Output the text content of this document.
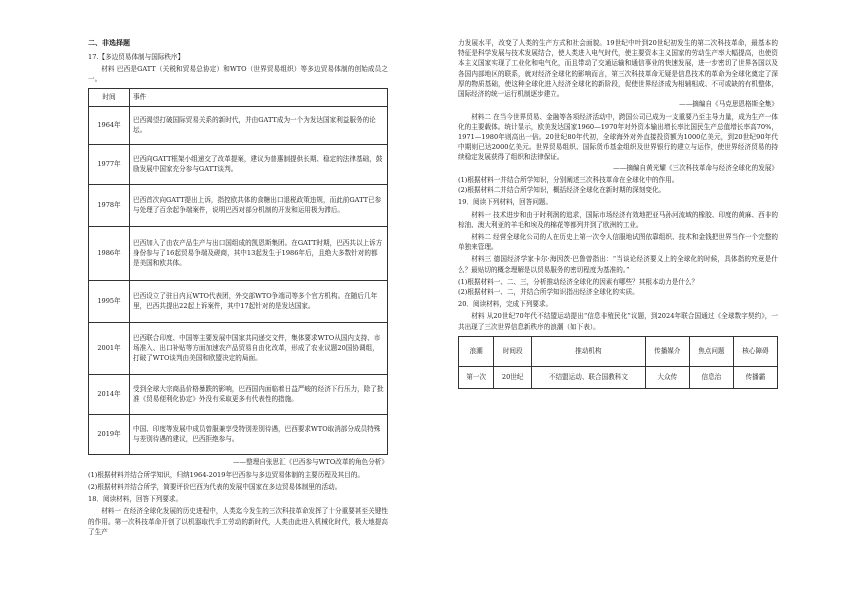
二、非选择题

17.【多边贸易体制与国际秩序】

材料 巴西是GATT（关税和贸易总协定）和WTO（世界贸易组织）等多边贸易体制的创始成员之一。

时间	事件
1964年	巴西渴望打破国际贸易关系的新时代，并由GATT成为一个为发达国家利益服务的论坛。
1977年	巴西向GATT框架小组递交了改革提案，建议为普惠制提供长期、稳定的法律基础，鼓励发展中国家充分参与GATT谈判。
1978年	巴西首次向GATT提出上诉，指控欧共体的食糖出口退税政策违规，而此前GATT已参与处理了百余起争端案件，说明巴西对部分机制的开发和运用极为滞后。
1986年	巴西加入了由农产品生产与出口国组成的凯恩斯集团。在GATT时期，巴西共以上诉方身份参与了16起贸易争端及磋商，其中13起发生于1986年后，且绝大多数针对的都是美国和欧共体。
1995年	巴西设立了驻日内瓦WTO代表团，外交部WTO争端司等多个官方机构。在随后几年里，巴西共提出22起上诉案件，其中17起针对的是发达国家。
2001年	巴西联合印度、中国等主要发展中国家共同递交文件，集体要求WTO从国内支持、市场准入、出口补贴等方面加速农产品贸易自由化改革，形成了农业议题20国协调组，打破了WTO谈判由美国和欧盟决定的局面。
2014年	受到全球大宗商品价格暴跌的影响，巴西国内面临着日益严峻的经济下行压力，除了批准《贸易便利化协定》外没有采取更多有代表性的措施。
2019年	中国、印度等发展中成员曾服兼享受特别差别待遇，巴西要求WTO取消部分成员特殊与差别待遇的建议，巴西拒绝参与。

——整理自张思汇《巴西参与WTO改革的角色分析》

(1)根据材料并结合所学知识，归纳1964-2019年巴西参与多边贸易体制的主要历程及其目的。

(2)根据材料并结合所学，简要评价巴西为代表的发展中国家在多边贸易体制里的活动。

18．阅读材料，回答下列要求。

材料一 在经济全球化发展的历史进程中，人类迄今发生的三次科技革命发挥了十分重要甚至关键性的作用。第一次科技革命开创了以机器取代手工劳动的新时代，人类由此进入机械化时代，极大地提高了生产

力发展水平，改变了人类的生产方式和社会面貌。19世纪中叶到20世纪初发生的第二次科技革命，最基本的特征是科学发展与技术发展结合，使人类进入电气时代，使主要资本主义国家的劳动生产率大幅提高，也使资本主义国家实现了工业化和电气化，而且带动了交通运输和通信事业的快速发展，进一步密切了世界各国以及各国内部地区的联系，就对经济全球化的影响而言，第三次科技革命无疑是信息技术的革命为全球化奠定了深厚的物质基础，使这种全球化进入经济全球化的新阶段，促使世界经济成为相辅相成、不可或缺的有机整体，国际经济的统一运行机制逐步建立。

——摘编自《马克思恩格斯全集》

材料二 在当今世界贸易、金融等各项经济活动中，跨国公司已成为一支重要乃至主导力量，成为生产一体化的主要载体。统计显示，欧美发达国家1960—1970年对外资本输出增长率比国民生产总值增长率高70%，1971—1980年则高出一倍。20世纪80年代初，全球海外对外直接投资额为1000亿美元，到20世纪90年代中期则已达2000亿美元。世界贸易组织、国际货币基金组织及世界银行的建立与运作，使世界经济贸易的持续稳定发展获得了组织和法律保证。

——摘编自黄光耀《三次科技革命与经济全球化的发展》

(1)根据材料一并结合所学知识，分别阐述三次科技革命在全球化中的作用。

(2)根据材料二并结合所学知识，概括经济全球化在新时期的深刻变化。

19．阅读下列材料，回答问题。

材料一 技术进步和由于时利润的追求，国际市场经济有效地把亚马孙河流域的橡胶、印度的黄麻、西非的棕油、澳大利亚的羊毛和埃及的棉花等都列并到了欧洲的工业。

材料二 经营全球化公司的人在历史上第一次令人信服地试图依靠组织、技术和金钱把世界当作一个完整的单独来管理。

材料三 德国经济学家卡尔·海因茨·巴鲁曾指出：“当谈论经济要义上的全球化的时候，具体指的究竟是什么？最贴切的概念理解是以贸易服务的密切程度为基准的。”

(1)根据材料一、二、三，分析推动经济全球化的因素有哪些？其根本动力是什么？

(2)根据材料一、二，并结合所学知识指出经济全球化的实质。

20．阅读材料，完成下列要求。

材料 从20世纪70年代不结盟运动提出“信息非殖民化”议题，到2024年联合国通过《全球数字契约》，一共出现了三次世界信息新秩序的浪潮（如下表）。

浪潮	时间段	推动机构	传播媒介	焦点问题	核心障碍
第一次	20世纪	不结盟运动、联合国教科文	大众传	信息治	传播霸
